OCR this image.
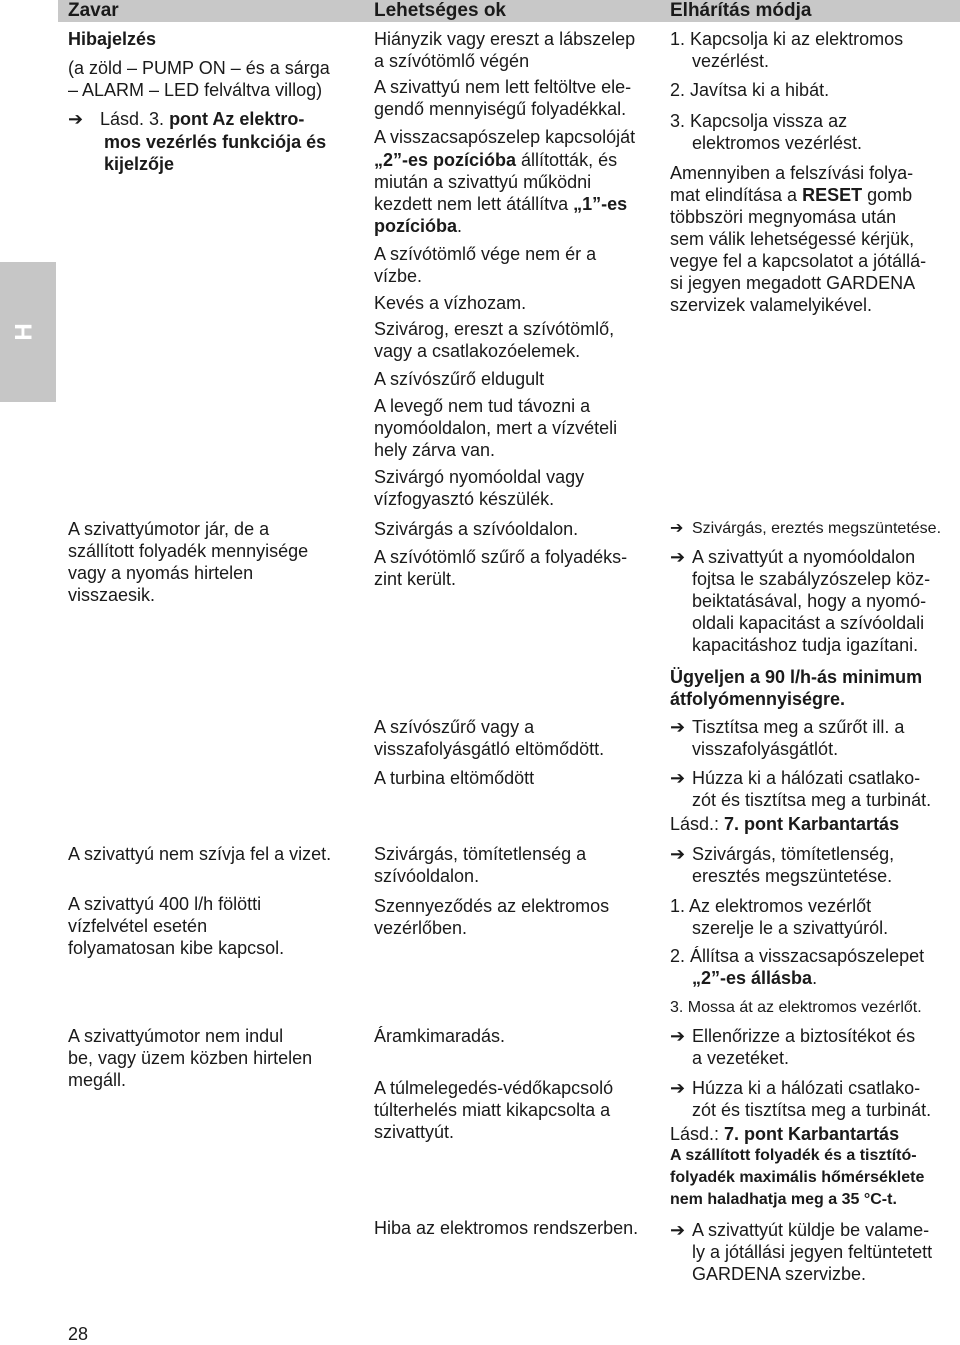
Zavar	Lehetséges ok	Elhárítás módja
H
Hibajelzés
(a zöld – PUMP ON – és a sárga
– ALARM – LED felváltva villog)
➔ Lásd. 3. pont Az elektro-
mos vezérlés funkciója és
kijelzője
Hiányzik vagy ereszt a lábszelep
a szívótömlő végén
A szivattyú nem lett feltöltve ele-
gendő mennyiségű folyadékkal.
A visszacsapószelep kapcsolóját
„2”-es pozícióba állították, és
miután a szivattyú működni
kezdett nem lett átállítva „1”-es
pozícióba.
A szívótömlő vége nem ér a
vízbe.
Kevés a vízhozam.
Szivárog, ereszt a szívótömlő,
vagy a csatlakozóelemek.
A szívószűrő eldugult
A levegő nem tud távozni a
nyomóoldalon, mert a vízvételi
hely zárva van.
Szivárgó nyomóoldal vagy
vízfogyasztó készülék.
1. Kapcsolja ki az elektromos
vezérlést.
2. Javítsa ki a hibát.
3. Kapcsolja vissza az
elektromos vezérlést.
Amennyiben a felszívási folya-
mat elindítása a RESET gomb
többszöri megnyomása után
sem válik lehetségessé kérjük,
vegye fel a kapcsolatot a jótállá-
si jegyen megadott GARDENA
szervizek valamelyikével.
A szivattyúmotor jár, de a
szállított folyadék mennyisége
vagy a nyomás hirtelen
visszaesik.
Szivárgás a szívóoldalon.
A szívótömlő szűrő a folyadéks-
zint került.
A szívószűrő vagy a
visszafolyásgátló eltömődött.
A turbina eltömődött
➔ Szivárgás, ereztés megszüntetése.
➔ A szivattyút a nyomóoldalon
fojtsa le szabályzószelep köz-
beiktatásával, hogy a nyomó-
oldali kapacitást a szívóoldali
kapacitáshoz tudja igazítani.
Ügyeljen a 90 l/h-ás minimum
átfolyómennyiségre.
➔ Tisztítsa meg a szűrőt ill. a
visszafolyásgátlót.
➔ Húzza ki a hálózati csatlako-
zót és tisztítsa meg a turbinát.
Lásd.: 7. pont Karbantartás
A szivattyú nem szívja fel a vizet. Szivárgás, tömítetlenség a
szívóoldalon.
➔ Szivárgás, tömítetlenség,
eresztés megszüntetése.
A szivattyú 400 l/h fölötti
vízfelvétel esetén
folyamatosan kibe kapcsol.
Szennyeződés az elektromos
vezérlőben.
1. Az elektromos vezérlőt
szerelje le a szivattyúról.
2. Állítsa a visszacsapószelepet
„2”-es állásba.
3. Mossa át az elektromos vezérlőt.
A szivattyúmotor nem indul
be, vagy üzem közben hirtelen
megáll.
Áramkimaradás.
A túlmelegedés-védőkapcsoló
túlterhelés miatt kikapcsolta a
szivattyút.
Hiba az elektromos rendszerben.
➔ Ellenőrizze a biztosítékot és
a vezetéket.
➔ Húzza ki a hálózati csatlako-
zót és tisztítsa meg a turbinát.
Lásd.: 7. pont Karbantartás
A szállított folyadék és a tisztító-
folyadék maximális hőmérséklete
nem haladhatja meg a 35 °C-t.
➔ A szivattyút küldje be valame-
ly a jótállási jegyen feltüntetett
GARDENA szervizbe.
28
